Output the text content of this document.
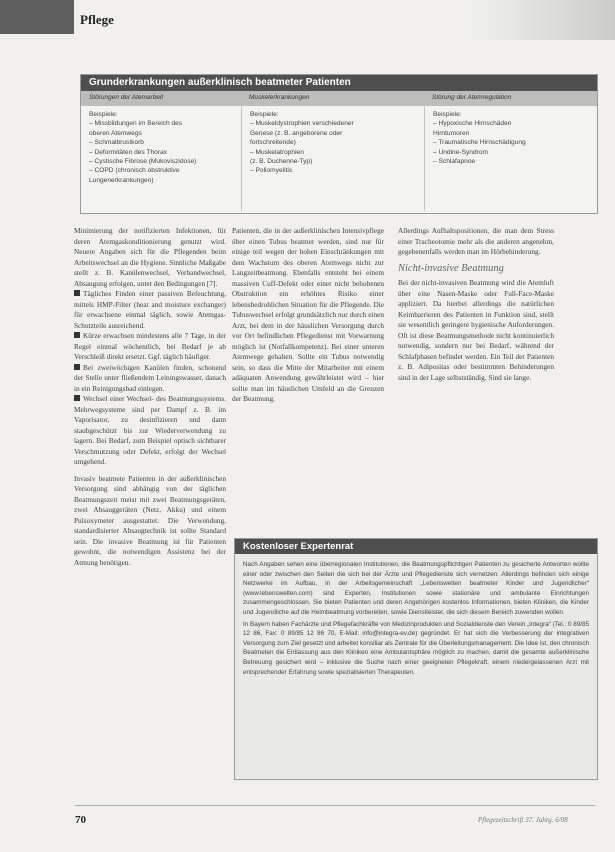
Pflege
Grunderkrankungen außerklinisch beatmeter Patienten
Störungen der Atemarbeit	Muskelerkrankungen	Störung der Atemregulation
Beispiele:
– Missbildungen im Bereich des
oberen Atemwegs
– Schmalbrustkorb
– Deformitäten des Thorax
– Cystische Fibrose (Mukoviszidose)
– COPD (chronisch obstruktive
Lungenerkrankungen)
Beispiele:
– Muskeldystrophien verschiedener
Genese (z. B. angeborene oder
fortschreitende)
– Muskelatrophien
(z. B. Duchenne-Typ)
– Poliomyelitis
Beispiele:
– Hypoxische Hirnschäden
Hirntumoren
– Traumatische Hirnschädigung
– Undine-Syndrom
– Schlafapnoe

Minimierung der notifizierten Infektionen, für deren Atemgaskonditionierung genutzt wird. Neuere Angaben sich für die Pflegenden beim Arbeitswechsel an die Hygiene. Sinnliche Maßgabe stellt z. B. Kanülenwechsel, Verbandwechsel, Absaugung erfolgen, unter den Bedingungen [7].

Tägliches Finden einer passiven Befeuchtung, mittels HMP-Filter (heat and moisture exchanger) für erwachsene einmal täglich, sowie Atemgas-Schutzteile ausreichend.

Kürze erwachsen mindestens alle 7 Tage, in der Regel einmal wöchentlich, bei Bedarf je ab Verschleiß direkt ersetzt. Ggf. täglich häufiger.

Bei zweiwöchigen Kanülen finden, schonend der Stelle unter fließendem Leitungswasser, danach in ein Reinigungsbad einlegen.

Wechsel einer Wechsel- des Beatmungssystems. Mehrwegsysteme sind per Dampf z. B. im Vaporisator, zu desinfizieren und dann staubgeschützt bis zur Wiederverwendung zu lagern. Bei Bedarf, zum Beispiel optisch sichtbarer Verschmutzung oder Defekt, erfolgt der Wechsel umgehend.

Invasiv beatmete Patienten in der außerklinischen Versorgung sind abhängig von der täglichen Beatmungszeit meist mit zwei Beatmungsgeräten, zwei Absauggeräten (Netz, Akku) und einem Pulsoxymeter ausgestattet. Die Verwendung, standardisierter Absaugtechnik ist sollte Standard sein. Die invasive Beatmung ist für Patienten gewohnt, die notwendigen Assistenz bei der Atmung benötigen.

Patienten, die in der außerklinischen Intensivpflege über einen Tubus beatmet werden, sind nur für einige teil wegen der hohen Einschränkungen mit dem Wachstum des oberen Atemwegs nicht zur Langzeitbeatmung. Ebenfalls entsteht bei einem massiven Cuff-Defekt oder einer nicht behobenen Obstruktion ein erhöhtes Risiko einer lebensbedrohlichen Situation für die Pflegende. Die Tubuswechsel erfolgt grundsätzlich nur durch einen Arzt, bei dem in der häuslichen Versorgung durch vor Ort befindlichen Pflegedienst mit Vorwarnung möglich ist (Notfallkompetenz). Bei einer unteren Atemwege gehalten. Sollte ein Tubus notwendig sein, so dass die Mitte der Mitarbeiter mit einem adäquaten Anwendung gewährleistet wird – hier sollte man im häuslichen Umfeld an die Grenzen der Beatmung.

Allerdings Aufhaltspositionen, die man dem Stress einer Tracheotomie mehr als die anderen angenehm, gegebenenfalls werden man im Hörbehinderung.

Nicht-invasive Beatmung

Bei der nicht-invasiven Beatmung wird die Atemluft über eine Nasen-Maske oder Full-Face-Maske appliziert. Da hierbei allerdings die natürlichen Keimbarrieren des Patienten in Funktion sind, stellt sie wesentlich geringere hygienische Anforderungen. Oft ist diese Beatmungsmethode nicht kontinuierlich notwendig, sondern nur bei Bedarf, während der Schlafphasen befindet werden. Ein Teil der Patienten z. B. Adipositas oder bestimmten Behinderungen sind in der Lage selbstständig. Sind sie lange.

Kostenloser Expertenrat

Nach Angaben sehen eine überregionalen Institutionen, die Beatmungspflichtigen Patienten zu gesicherte Antworten wollte einer oder zwischen den Seiten die sich bei der Ärzte und Pflegedienste sich vernetzen. Allerdings befinden sich einige Netzwerke im Aufbau, in der Arbeitsgemeinschaft „Lebenswelten beatmeter Kinder und Jugendlicher“ (www.lebenswelten.com) sind Experten, Institutionen sowie stationäre und ambulante Einrichtungen zusammengeschlossen. Sie bieten Patienten und deren Angehörigen kostenlos Informationen, bieten Kliniken, die Kinder und Jugendliche auf die Heimbeatmung vorbereiten, sowie Dienstleister, die sich diesem Bereich zuwenden wollen.

In Bayern haben Fachärzte und Pflegefachkräfte von Medizinprodukten und Sozialdienste den Verein „Integra“ (Tel.: 0 89/85 12 86, Fax: 0 89/85 12 86 70, E-Mail: info@integra-ev.de) gegründet. Er hat sich die Verbesserung der integrativen Versorgung zum Ziel gesetzt und arbeitet konsiliar als Zentrale für die Überleitungsmanagement. Die Idee ist, den chronisch Beatmeten die Entlassung aus den Kliniken eine Ambulantsphäre möglich zu machen, damit die gesamte außerklinische Betreuung gesichert wird – inklusive die Suche nach einer geeigneten Pflegekraft, einem niedergelassenen Arzt mit entsprechender Erfahrung sowie spezialisierten Therapeuten.

70	Pflegezeitschrift 37. Jahrg. 6/08
